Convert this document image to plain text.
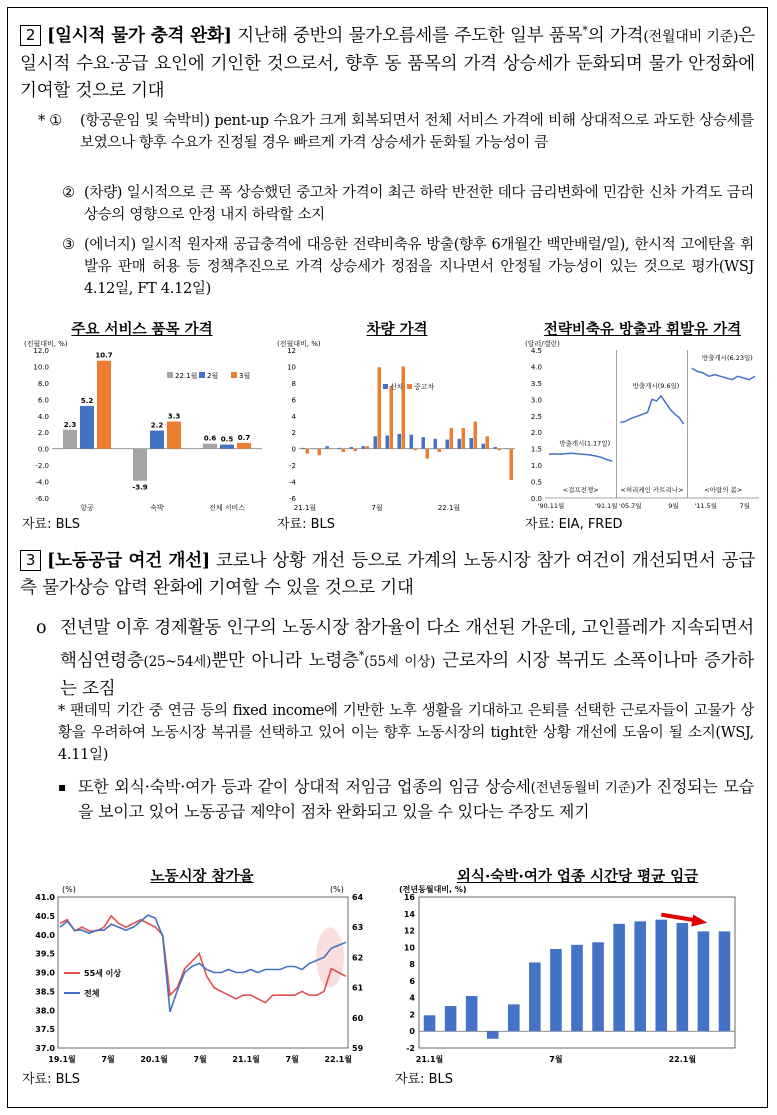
2 [일시적 물가 충격 완화] 지난해 중반의 물가오름세를 주도한 일부 품목*의 가격(전월대비 기준)은 일시적 수요·공급 요인에 기인한 것으로서, 향후 동 품목의 가격 상승세가 둔화되며 물가 안정화에 기여할 것으로 기대
* ①	(항공운임 및 숙박비) pent-up 수요가 크게 회복되면서 전체 서비스 가격에 비해 상대적으로 과도한 상승세를 보였으나 향후 수요가 진정될 경우 빠르게 가격 상승세가 둔화될 가능성이 큼
② (차량) 일시적으로 큰 폭 상승했던 중고차 가격이 최근 하락 반전한 데다 금리변화에 민감한 신차 가격도 금리상승의 영향으로 안정 내지 하락할 소지
③ (에너지) 일시적 원자재 공급충격에 대응한 전략비축유 방출(향후 6개월간 백만배럴/일), 한시적 고에탄올 휘발유 판매 허용 등 정책추진으로 가격 상승세가 정점을 지나면서 안정될 가능성이 있는 것으로 평가(WSJ 4.12일, FT 4.12일)
주요 서비스 품목 가격
(전월대비, %)
12.0
10.0
8.0
6.0
4.0
2.0
0.0
-2.0
-4.0
-6.0
항공
2.3
5.2
10.7
숙박
-3.9
2.2
3.3
전체 서비스
0.6 0.5 0.7
22.1월 2월	3월
자료: BLS
차량 가격
(전월대비, %)
12
10
8
6
4
2
0
-2
-4
-6
21.1월	7월	22.1월
신차 중고차
자료: BLS
전략비축유 방출과 휘발유 가격
(달러/갤런)
4.5
4.0
3.5
3.0
2.5
2.0
1.5
1.0
0.5
0.0
<걸프전쟁>
방출개시(1.17일)
<허리케인 카트리나>
방출개시(9.6일)
<아랍의 봄>
방출개시(6.23일)
'90.11월	'91.1월 '05.7월	9월 '11.5월	7월
자료: EIA, FRED
3 [노동공급 여건 개선] 코로나 상황 개선 등으로 가계의 노동시장 참가 여건이 개선되면서 공급측 물가상승 압력 완화에 기여할 수 있을 것으로 기대
o 전년말 이후 경제활동 인구의 노동시장 참가율이 다소 개선된 가운데, 고인플레가 지속되면서 핵심연령층(25~54세)뿐만 아니라 노령층*(55세 이상) 근로자의 시장 복귀도 소폭이나마 증가하는 조짐
* 팬데믹 기간 중 연금 등의 fixed income에 기반한 노후 생활을 기대하고 은퇴를 선택한 근로자들이 고물가 상황을 우려하여 노동시장 복귀를 선택하고 있어 이는 향후 노동시장의 tight한 상황 개선에 도움이 될 소지(WSJ, 4.11일)
▪ 또한 외식·숙박·여가 등과 같이 상대적 저임금 업종의 임금 상승세(전년동월비 기준)가 진정되는 모습을 보이고 있어 노동공급 제약이 점차 완화되고 있을 수 있다는 주장도 제기
노동시장 참가율
(%)	(%)
41.0
40.5
40.0
39.5
39.0
38.5
38.0
37.5
37.0
64
63
62
61
60
59
55세 이상
전체
19.1월	7월	20.1월	7월	21.1월	7월	22.1월
자료: BLS
외식·숙박·여가 업종 시간당 평균 임금
(전년동월대비, %)
16
14
12
10
8
6
4
2
0
-2
21.1월	7월	22.1월
자료: BLS
